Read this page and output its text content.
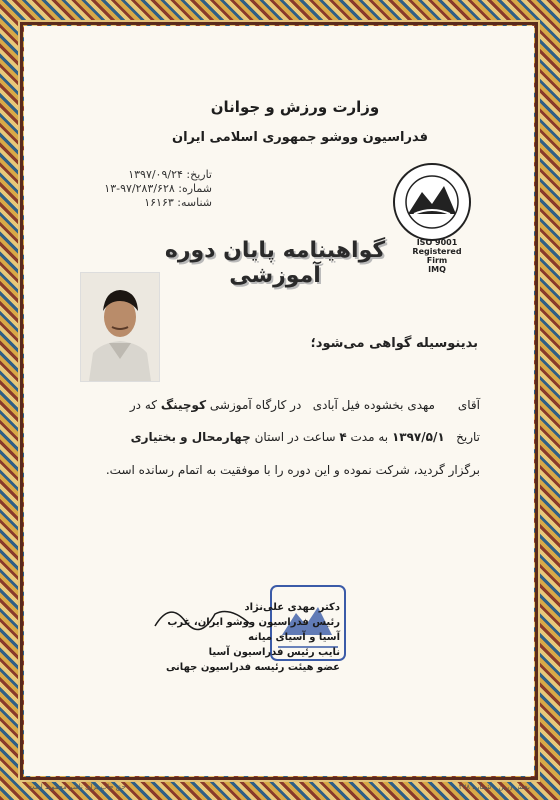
وزارت ورزش و جوانان
فدراسیون ووشو جمهوری اسلامی ایران
تاریخ: ۱۳۹۷/۰۹/۲۴
شماره: ۹۷/۲۸۳/۶۲۸-۱۳
شناسه: ۱۶۱۶۳
ISO 9001
Registered Firm
IMQ
گواهینامه پایان دوره آموزشی
بدینوسیله گواهی می‌شود؛
آقای      مهدی بخشوده فیل آبادی   در کارگاه آموزشی کوچینگ که در
تاریخ   ۱۳۹۷/۵/۱ به مدت ۴ ساعت در استان چهارمحال و بختیاری
برگزار گردید، شرکت نموده و این دوره را با موفقیت به اتمام رسانده است.
دکتر مهدی علی‌نژاد
رئیس فدراسیون ووشو ایران، غرب آسیا و آسیای میانه
نایب رئیس فدراسیون آسیا
عضو هیئت رئیسه فدراسیون جهانی
حق چاپ برای ناشر محفوظ است	بخش زرین - شماره ۲۲۸
